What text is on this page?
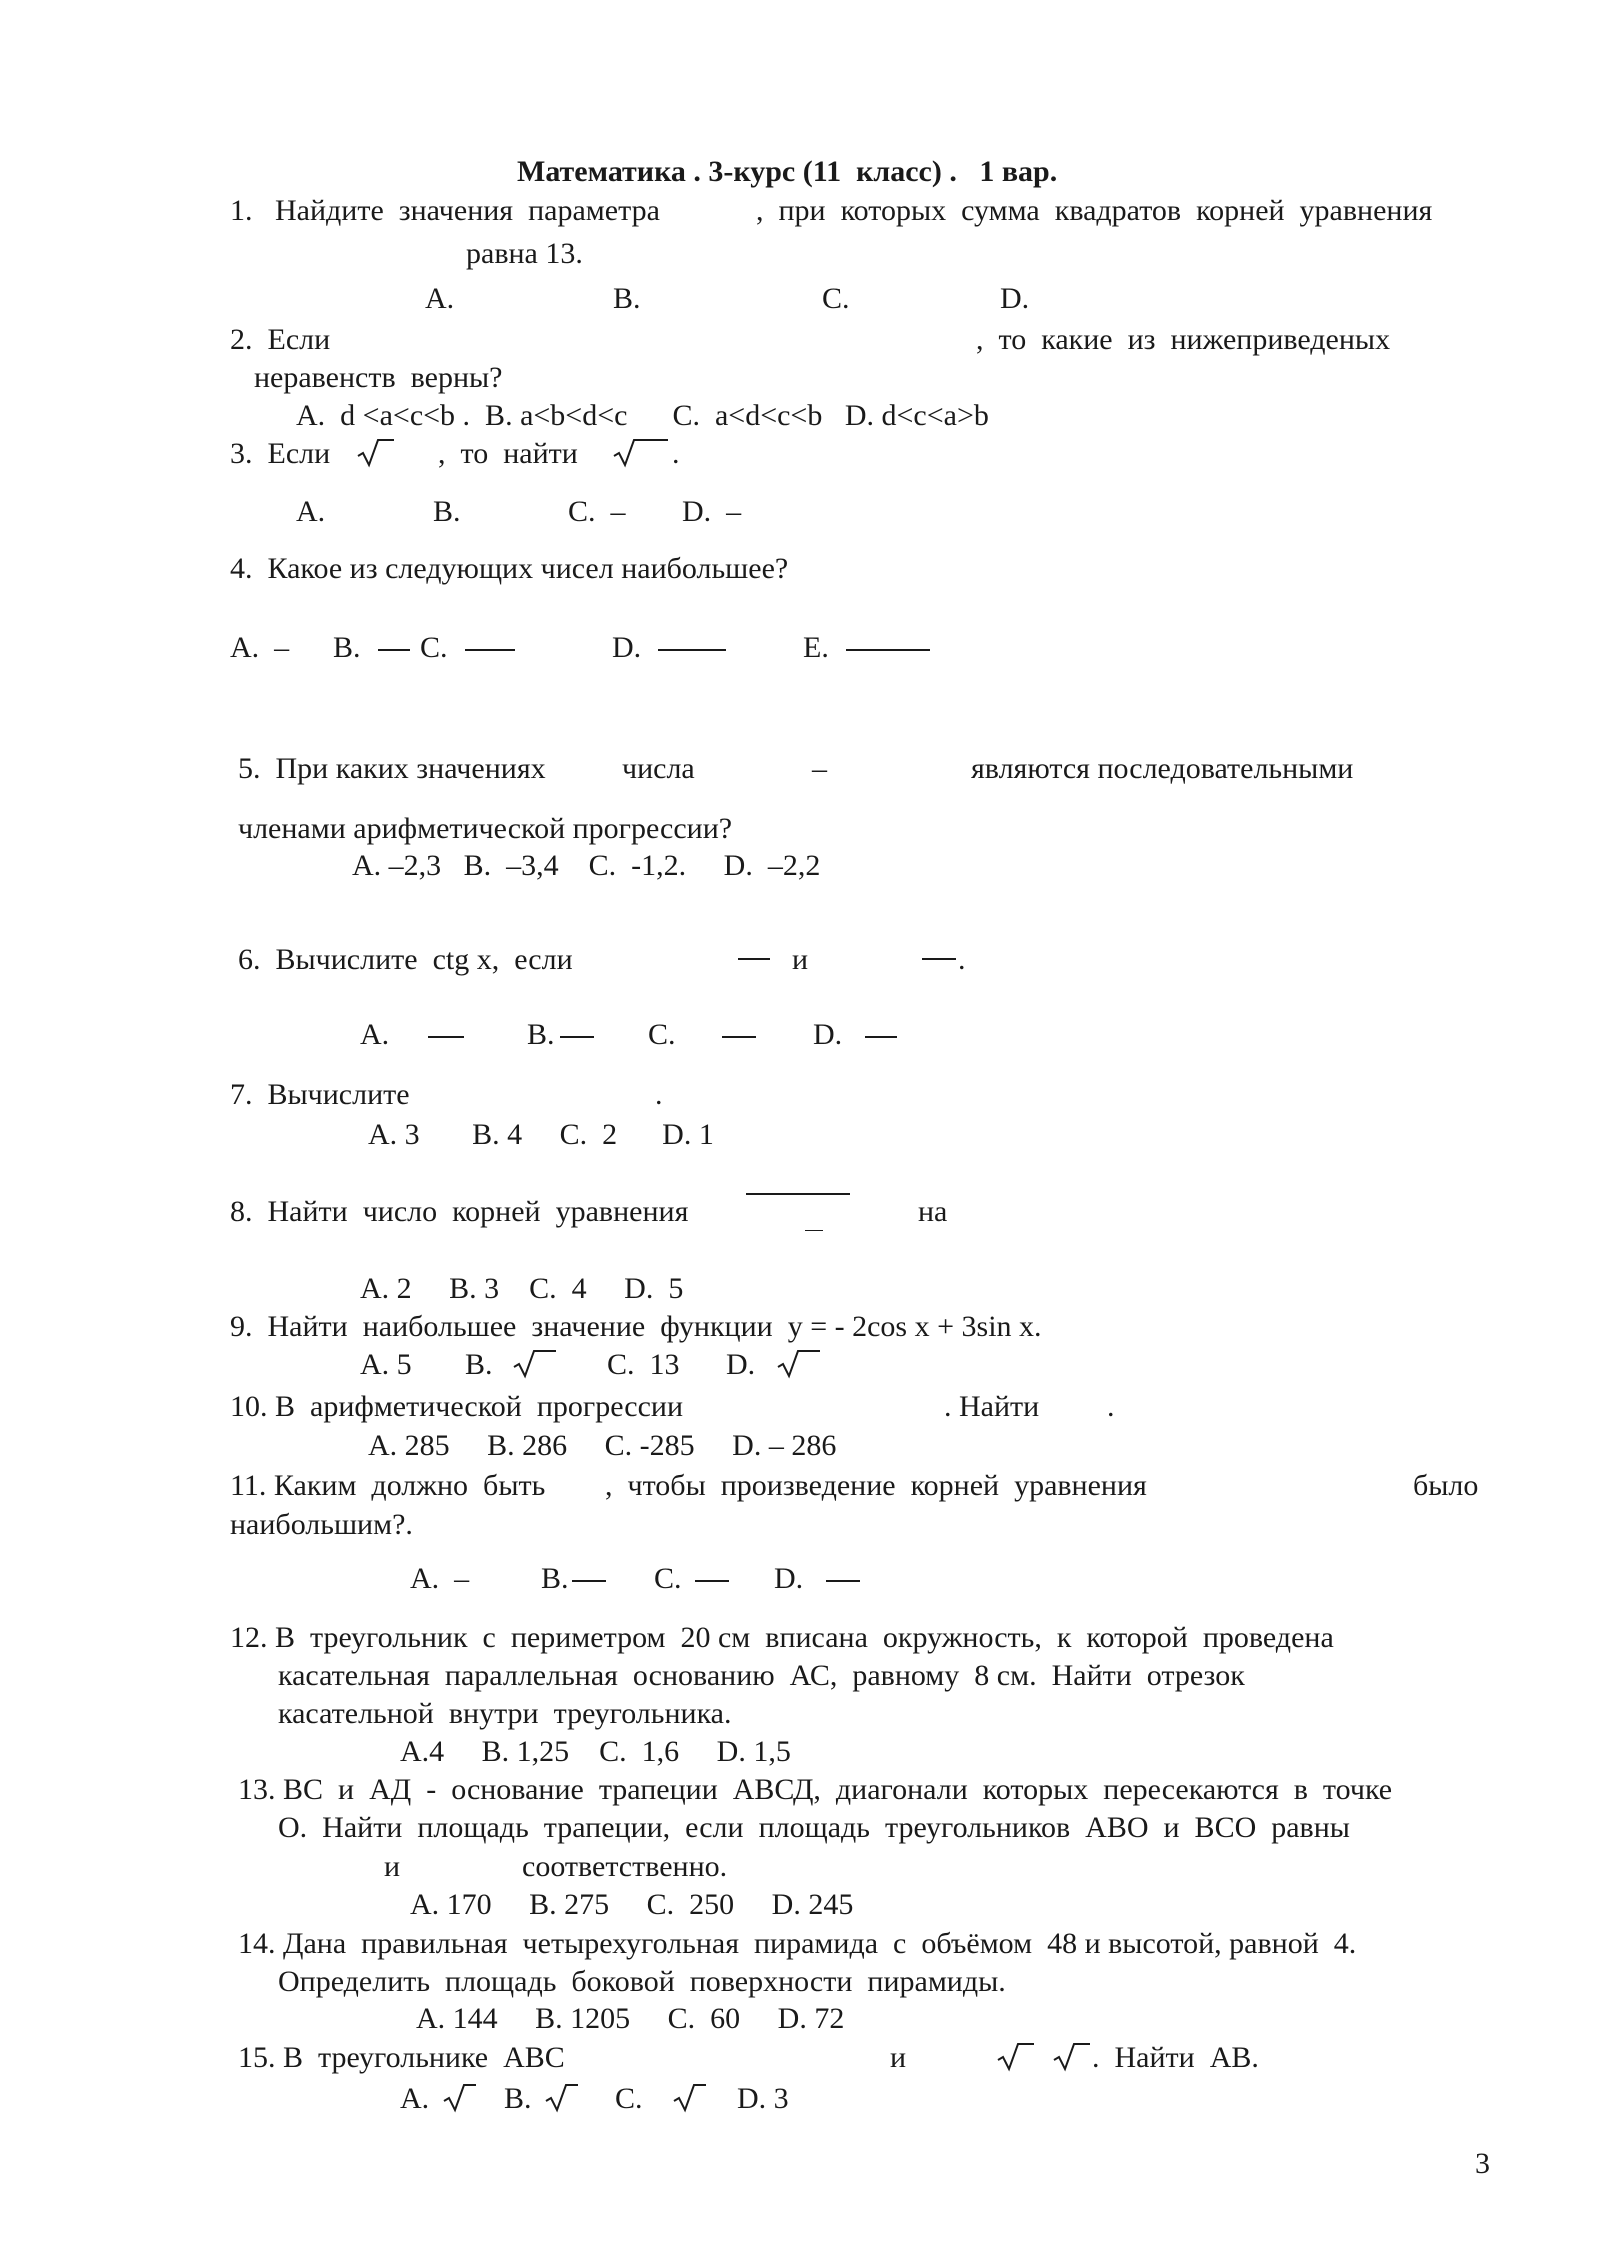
Математика . 3-курс (11  класс) .   1 вар.
1.   Найдите  значения  параметра	,  при  которых  сумма  квадратов  корней  уравнения
равна 13.
A.	B.	C.	D.
2.  Если	,  то  какие  из  нижеприведеных
неравенств  верны?
A.  d <a<c<b .  B. a<b<d<c      C.  a<d<c<b   D. d<c<a>b
3.  Если	,  то  найти	.
A.	B.	C.  – D.  –
4.  Какое из следующих чисел наибольшее?
A.  – B. C.	D.	E.
5.  При каких значениях	числа	–	являются последовательными
членами арифметической прогрессии?
A. –2,3   B.  –3,4    C.  -1,2.     D.  –2,2
6.  Вычислите  ctg x,  если	и	.
A.	B.	C.	D.
7.  Вычислите	.
A. 3       B. 4     C.  2      D. 1
8.  Найти  число  корней  уравнения	на
A. 2     B. 3    C.  4     D.  5
9.  Найти  наибольшее  значение  функции  у = - 2cos x + 3sin x.
A. 5 B.	C.  13 D.
10. В  арифметической  прогрессии	. Найти .
A. 285     B. 286     C. -285     D. – 286
11. Каким  должно  быть ,  чтобы  произведение  корней  уравнения	было
наибольшим?.
A.  – B.	C.	D.
12. В  треугольник  с  периметром  20 см  вписана  окружность,  к  которой  проведена
касательная  параллельная  основанию  АС,  равному  8 см.  Найти  отрезок
касательной  внутри  треугольника.
A.4     B. 1,25    C.  1,6     D. 1,5
13. ВС  и  АД  -  основание  трапеции  АВСД,  диагонали  которых  пересекаются  в  точке
О.  Найти  площадь  трапеции,  если  площадь  треугольников  АВО  и  ВСО  равны
и	соответственно.
A. 170     B. 275     C.  250     D. 245
14. Дана  правильная  четырехугольная  пирамида  с  объёмом  48 и высотой, равной  4.
Определить  площадь  боковой  поверхности  пирамиды.
A. 144     B. 1205     C.  60     D. 72
15. В  треугольнике  АВС	и	.  Найти  АВ.
A. B.	C.	D. 3
3
